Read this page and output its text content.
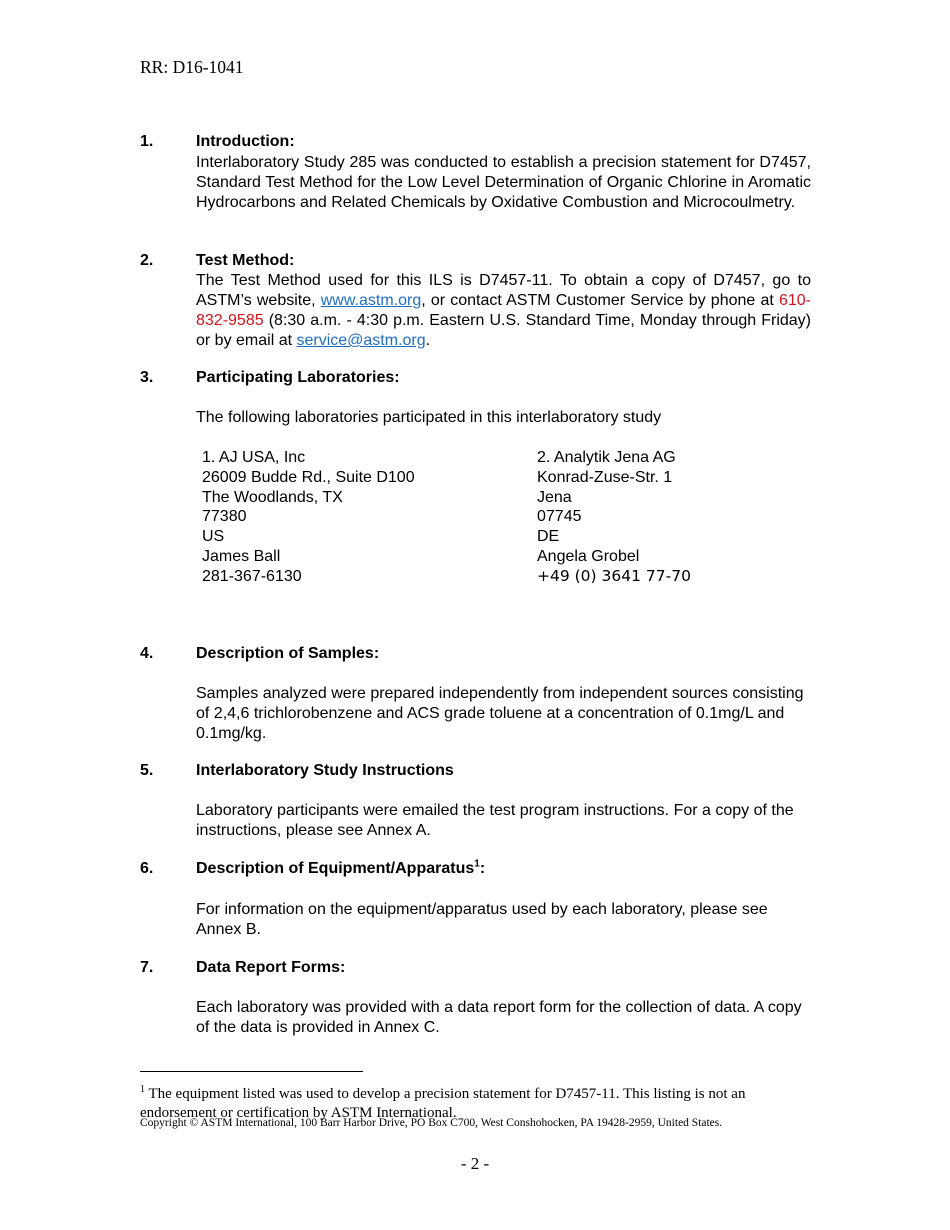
RR: D16-1041
1.	Introduction:
Interlaboratory Study 285 was conducted to establish a precision statement for D7457, Standard Test Method for the Low Level Determination of Organic Chlorine in Aromatic Hydrocarbons and Related Chemicals by Oxidative Combustion and Microcoulmetry.
2.	Test Method:
The Test Method used for this ILS is D7457-11. To obtain a copy of D7457, go to ASTM’s website, www.astm.org, or contact ASTM Customer Service by phone at 610-832-9585 (8:30 a.m. - 4:30 p.m. Eastern U.S. Standard Time, Monday through Friday) or by email at service@astm.org.
3.	Participating Laboratories:
The following laboratories participated in this interlaboratory study
1. AJ USA, Inc
26009 Budde Rd., Suite D100
The Woodlands, TX
77380
US
James Ball
281-367-6130
2. Analytik Jena AG
Konrad-Zuse-Str. 1
Jena
07745
DE
Angela Grobel
+49 (0) 3641 77-70
4.	Description of Samples:
Samples analyzed were prepared independently from independent sources consisting of 2,4,6 trichlorobenzene and ACS grade toluene at a concentration of 0.1mg/L and 0.1mg/kg.
5.	Interlaboratory Study Instructions
Laboratory participants were emailed the test program instructions. For a copy of the instructions, please see Annex A.
6.	Description of Equipment/Apparatus$^1$:
For information on the equipment/apparatus used by each laboratory, please see Annex B.
7.	Data Report Forms:
Each laboratory was provided with a data report form for the collection of data. A copy of the data is provided in Annex C.
$^1$ The equipment listed was used to develop a precision statement for D7457-11. This listing is not an endorsement or certification by ASTM International.
Copyright © ASTM International, 100 Barr Harbor Drive, PO Box C700, West Conshohocken, PA 19428-2959, United States.
- 2 -
